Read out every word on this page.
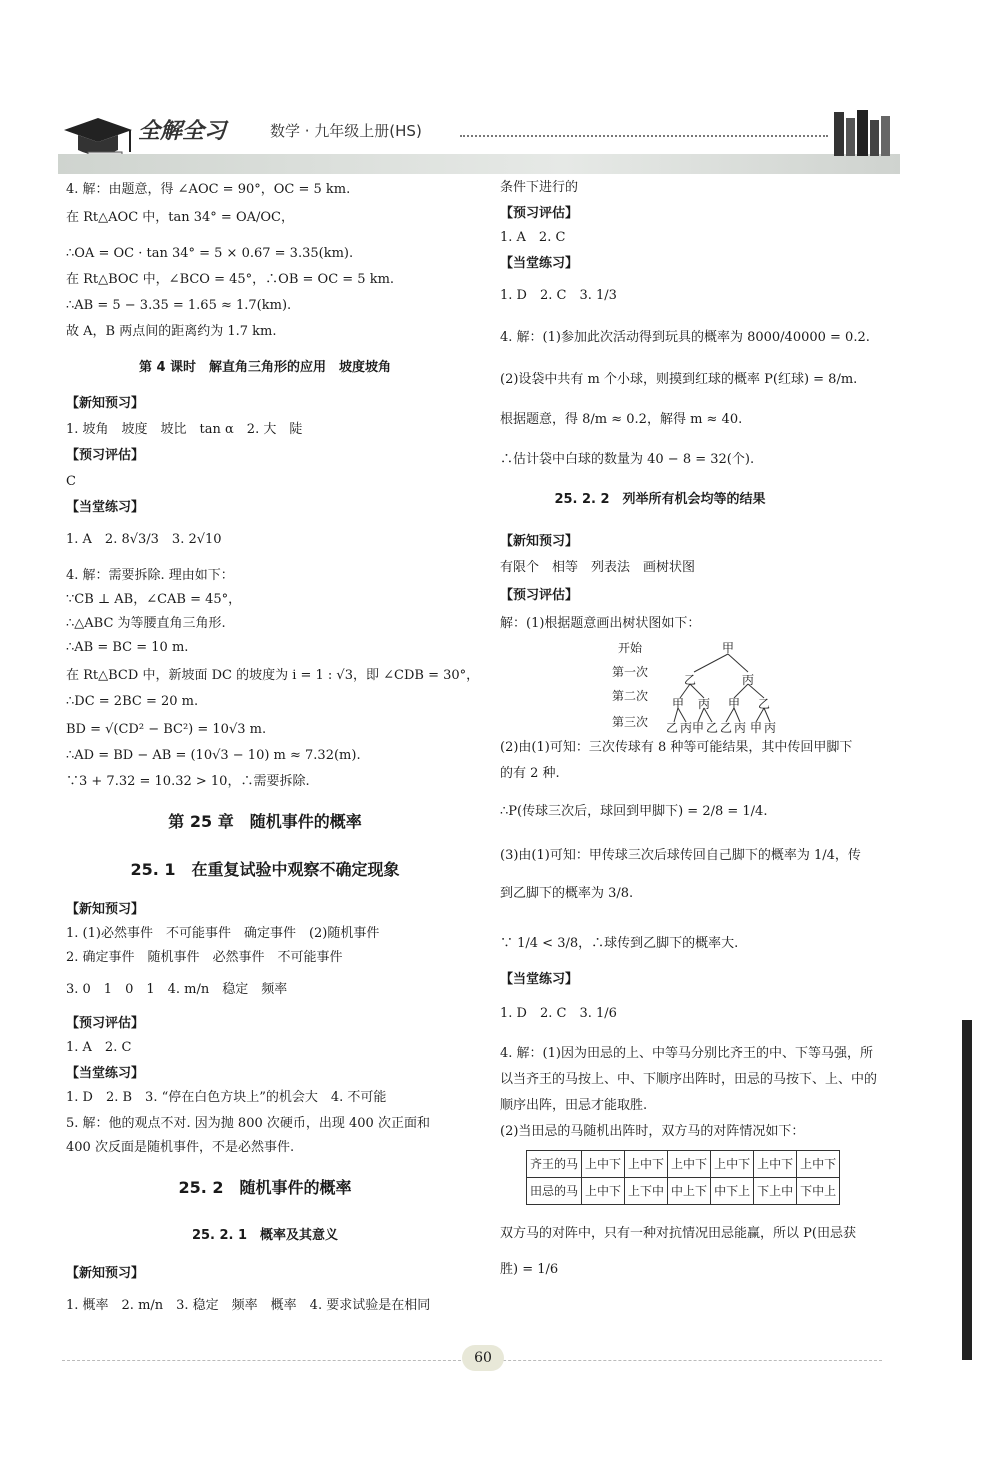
全解全习	数学 · 九年级上册(HS)
4. 解：由题意，得 ∠AOC = 90°，OC = 5 km.
在 Rt△AOC 中，tan 34° = OA/OC，
∴OA = OC · tan 34° = 5 × 0.67 = 3.35(km).
在 Rt△BOC 中，∠BCO = 45°，∴OB = OC = 5 km.
∴AB = 5 − 3.35 = 1.65 ≈ 1.7(km).
故 A，B 两点间的距离约为 1.7 km.
第 4 课时　解直角三角形的应用　坡度坡角
【新知预习】
1. 坡角　坡度　坡比　tan α　2. 大　陡
【预习评估】
C
【当堂练习】
1. A　2. 8√3/3　3. 2√10
4. 解：需要拆除. 理由如下：
∵CB ⊥ AB，∠CAB = 45°，
∴△ABC 为等腰直角三角形.
∴AB = BC = 10 m.
在 Rt△BCD 中，新坡面 DC 的坡度为 i = 1 : √3，即 ∠CDB = 30°，
∴DC = 2BC = 20 m.
BD = √(CD² − BC²) = 10√3 m.
∴AD = BD − AB = (10√3 − 10) m ≈ 7.32(m).
∵3 + 7.32 = 10.32 > 10，∴需要拆除.
第 25 章　随机事件的概率
25. 1　在重复试验中观察不确定现象
【新知预习】
1. (1)必然事件　不可能事件　确定事件　(2)随机事件
2. 确定事件　随机事件　必然事件　不可能事件
3. 0　1　0　1　4. m/n　稳定　频率
【预习评估】
1. A　2. C
【当堂练习】
1. D　2. B　3. “停在白色方块上”的机会大　4. 不可能
5. 解：他的观点不对. 因为抛 800 次硬币，出现 400 次正面和
400 次反面是随机事件，不是必然事件.
25. 2　随机事件的概率
25. 2. 1　概率及其意义
【新知预习】
1. 概率　2. m/n　3. 稳定　频率　概率　4. 要求试验是在相同
条件下进行的
【预习评估】
1. A　2. C
【当堂练习】
1. D　2. C　3. 1/3
4. 解：(1)参加此次活动得到玩具的概率为 8000/40000 = 0.2.
(2)设袋中共有 m 个小球，则摸到红球的概率 P(红球) = 8/m.
根据题意，得 8/m ≈ 0.2，解得 m ≈ 40.
∴估计袋中白球的数量为 40 − 8 = 32(个).
25. 2. 2　列举所有机会均等的结果
【新知预习】
有限个　相等　列表法　画树状图
【预习评估】
解：(1)根据题意画出树状图如下：
开始	甲
第一次
第二次
第三次
乙	丙
甲 丙 甲 乙
乙 丙 甲 乙 乙 丙 甲 丙
(2)由(1)可知：三次传球有 8 种等可能结果，其中传回甲脚下
的有 2 种.
∴P(传球三次后，球回到甲脚下) = 2/8 = 1/4.
(3)由(1)可知：甲传球三次后球传回自己脚下的概率为 1/4，传
到乙脚下的概率为 3/8.
∵ 1/4 < 3/8，∴球传到乙脚下的概率大.
【当堂练习】
1. D　2. C　3. 1/6
4. 解：(1)因为田忌的上、中等马分别比齐王的中、下等马强，所
以当齐王的马按上、中、下顺序出阵时，田忌的马按下、上、中的
顺序出阵，田忌才能取胜.
(2)当田忌的马随机出阵时，双方马的对阵情况如下：
齐王的马	上中下	上中下	上中下	上中下	上中下	上中下
田忌的马	上中下	上下中	中上下	中下上	下上中	下中上
双方马的对阵中，只有一种对抗情况田忌能赢，所以 P(田忌获
胜) = 1/6
60
